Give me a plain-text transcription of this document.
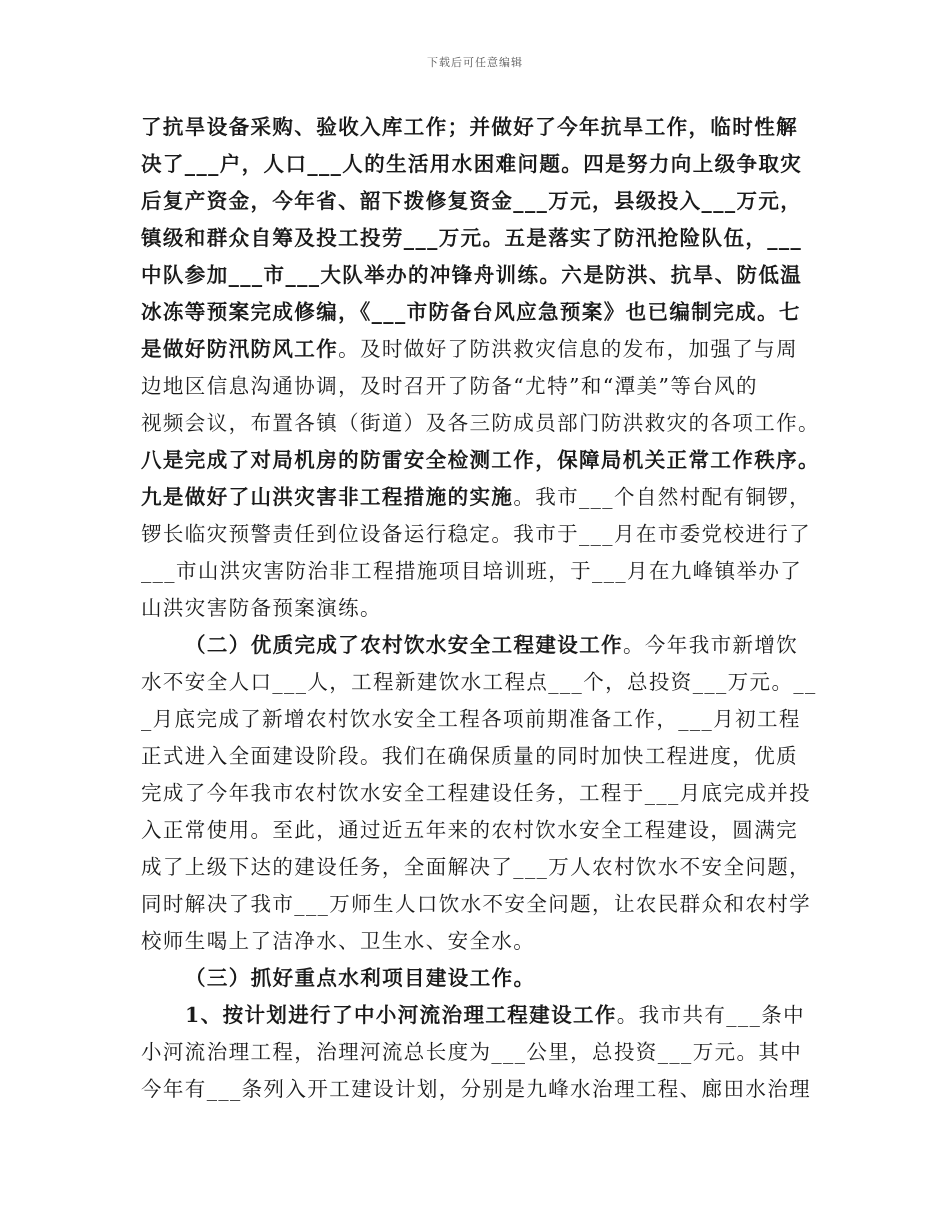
下载后可任意编辑
了抗旱设备采购、验收入库工作；并做好了今年抗旱工作，临时性解
决了___户，人口___人的生活用水困难问题。四是努力向上级争取灾
后复产资金，今年省、韶下拨修复资金___万元，县级投入___万元，
镇级和群众自筹及投工投劳___万元。五是落实了防汛抢险队伍，___
中队参加___市___大队举办的冲锋舟训练。六是防洪、抗旱、防低温
冰冻等预案完成修编，《___市防备台风应急预案》也已编制完成。七
是做好防汛防风工作。及时做好了防洪救灾信息的发布，加强了与周
边地区信息沟通协调，及时召开了防备“尤特”和“潭美”等台风的
视频会议，布置各镇（街道）及各三防成员部门防洪救灾的各项工作。
八是完成了对局机房的防雷安全检测工作，保障局机关正常工作秩序。
九是做好了山洪灾害非工程措施的实施。我市___个自然村配有铜锣，
锣长临灾预警责任到位设备运行稳定。我市于___月在市委党校进行了
___市山洪灾害防治非工程措施项目培训班，于___月在九峰镇举办了
山洪灾害防备预案演练。
（二）优质完成了农村饮水安全工程建设工作。今年我市新增饮
水不安全人口___人，工程新建饮水工程点___个，总投资___万元。__
_月底完成了新增农村饮水安全工程各项前期准备工作，___月初工程
正式进入全面建设阶段。我们在确保质量的同时加快工程进度，优质
完成了今年我市农村饮水安全工程建设任务，工程于___月底完成并投
入正常使用。至此，通过近五年来的农村饮水安全工程建设，圆满完
成了上级下达的建设任务，全面解决了___万人农村饮水不安全问题，
同时解决了我市___万师生人口饮水不安全问题，让农民群众和农村学
校师生喝上了洁净水、卫生水、安全水。
（三）抓好重点水利项目建设工作。
1、按计划进行了中小河流治理工程建设工作。我市共有___条中
小河流治理工程，治理河流总长度为___公里，总投资___万元。其中
今年有___条列入开工建设计划，分别是九峰水治理工程、廊田水治理
